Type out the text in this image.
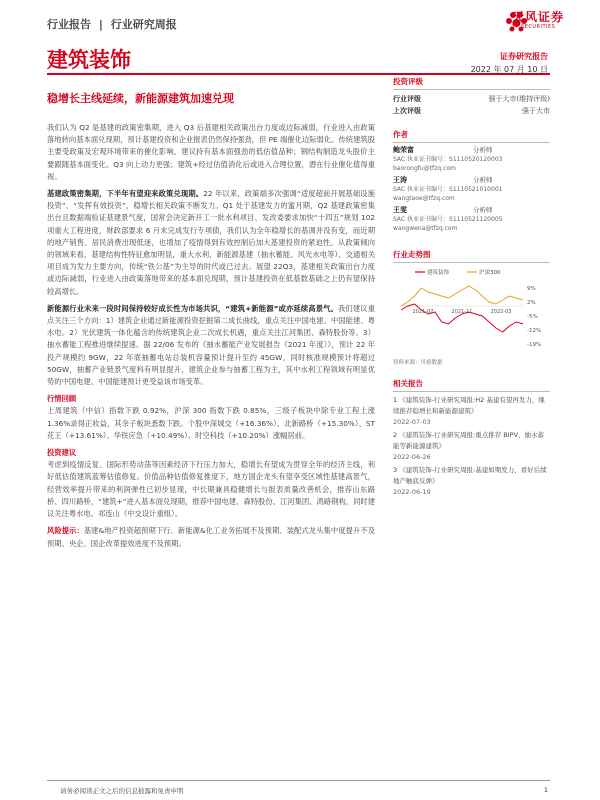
行业报告 | 行业研究周报
天风证券
TF SECURITIES
建筑装饰	证券研究报告
2022 年 07 月 10 日
稳增长主线延续，新能源建筑加速兑现

我们认为 Q2 是基建的政策密集期，进入 Q3 后基建相关政策出台力度或边际减弱，行业进入由政策落地转向基本面兑现期，预计基建投资和企业报表仍然保持强劲，但 PE 端催化边际弱化。传统建筑股主要受政策及宏观环境带来的催化影响，建议持有基本面强劲的低估值品种；钢结构制造龙头股价主要跟随基本面变化。Q3 向上动力更强；建筑+经过估值消化后或进入合理位置，潜在行业催化值得重视。

基建政策密集期，下半年有望迎来政策兑现期。22 年以来，政策端多次强调“适度超前开展基础设施投资”、“发挥有效投资”，稳增长相关政策不断发力。Q1 处于基建发力的蜜月期，Q2 基建政策密集出台且数据端验证基建景气度，国常会决定新开工一批水利项目、发改委要求加快“十四五”规划 102 项重大工程进度，财政部要求 6 月末完成发行专项债，我们认为全年稳增长的基调并没有变，而近期的地产销售、居民消费出现低迷，也增加了疫情得到有效控制后加大基建投资的紧迫性。从政策倾向的领域来看，基建结构性特征愈加明显，重大水利、新能源基建（抽水蓄能、风光水电等）、交通相关项目成为发力主要方向，传统“铁公基”为主导的时代或已过去。展望 22Q3，基建相关政策出台力度或边际减弱，行业进入由政策落地带来的基本面兑现期，预计基建投资在低基数基础之上仍有望保持较高增长。

新能源行业未来一段时间保持较好成长性为市场共识，“建筑+新能源”或亦延续高景气。我们建议重点关注三个方向：1）建筑企业通过新能源投资挖掘第二成长曲线，重点关注中国电建、中国能建、粤水电。2）光伏建筑一体化蕴含的传统建筑企业二次成长机遇，重点关注江河集团、森特股份等。3）抽水蓄能工程推进继续提速。据 22/06 发布的《抽水蓄能产业发展报告（2021 年度）》，预计 22 年投产规模约 9GW，22 年底抽蓄电站总装机容量预计提升至约 45GW，同时核准规模预计将超过 50GW，抽蓄产业链景气度料有明显提升，建筑企业参与抽蓄工程为主，其中水利工程领域有明显优势的中国电建、中国能建预计更受益该市场变革。

行情回顾

上周建筑（中信）指数下跌 0.92%，沪深 300 指数下跌 0.85%，三级子板块中除专业工程上涨 1.36%录得正收益，其余子板块悉数下跌。个股中深城交（+16.36%）、北新路桥（+15.30%）、ST 花王（+13.61%）、华铁应急（+10.49%）、时空科技（+10.20%）涨幅居前。

投资建议

考虑到疫情反复、国际形势动荡等因素经济下行压力加大，稳增长有望成为贯穿全年的经济主线，利好低估值建筑蓝筹估值修复。价值品种估值修复推度下，地方国企龙头有望享受区域性基建高景气，经营效率提升带来的利润弹性已初步显现，中长期兼具稳健增长与报表质量改善机会，推荐山东路桥、四川路桥，“建筑+”进入基本面兑现期，推荐中国电建、森特股份、江河集团、鸿路钢构，同时建议关注粤水电、祁连山（中交设计重组）。

风险提示：基建&地产投资超预期下行、新能源&化工业务拓展不及预期、装配式龙头集中度提升不及预期、央企、国企改革提效进度不及预期。

投资评级
行业评级	强于大市(维持评级)
上次评级	强于大市
作者
鲍荣富	分析师
SAC 执业证书编号：S1110520120003
baorongfu@tfzq.com
王涛	分析师
SAC 执业证书编号：S1110521010001
wangtaoe@tfzq.com
王雯	分析师
SAC 执业证书编号：S1110521120005
wangwena@tfzq.com
行业走势图
建筑装饰	沪深300
9%
2%
-5%
-12%
-19%
2021-07	2021-11	2022-03
资料来源：贝格数据
相关报告
1 《建筑装饰-行业研究周报:H2 基建有望再发力，继续推荐稳增长和新能源建筑》
2022-07-03
2 《建筑装饰-行业研究周报:重点推荐 BIPV、抽水蓄能等新能源建筑》
2022-06-26
3 《建筑装饰-行业研究周报:基建如期发力，看好后续地产触底反弹》
2022-06-19
请务必阅读正文之后的信息披露和免责申明	1
